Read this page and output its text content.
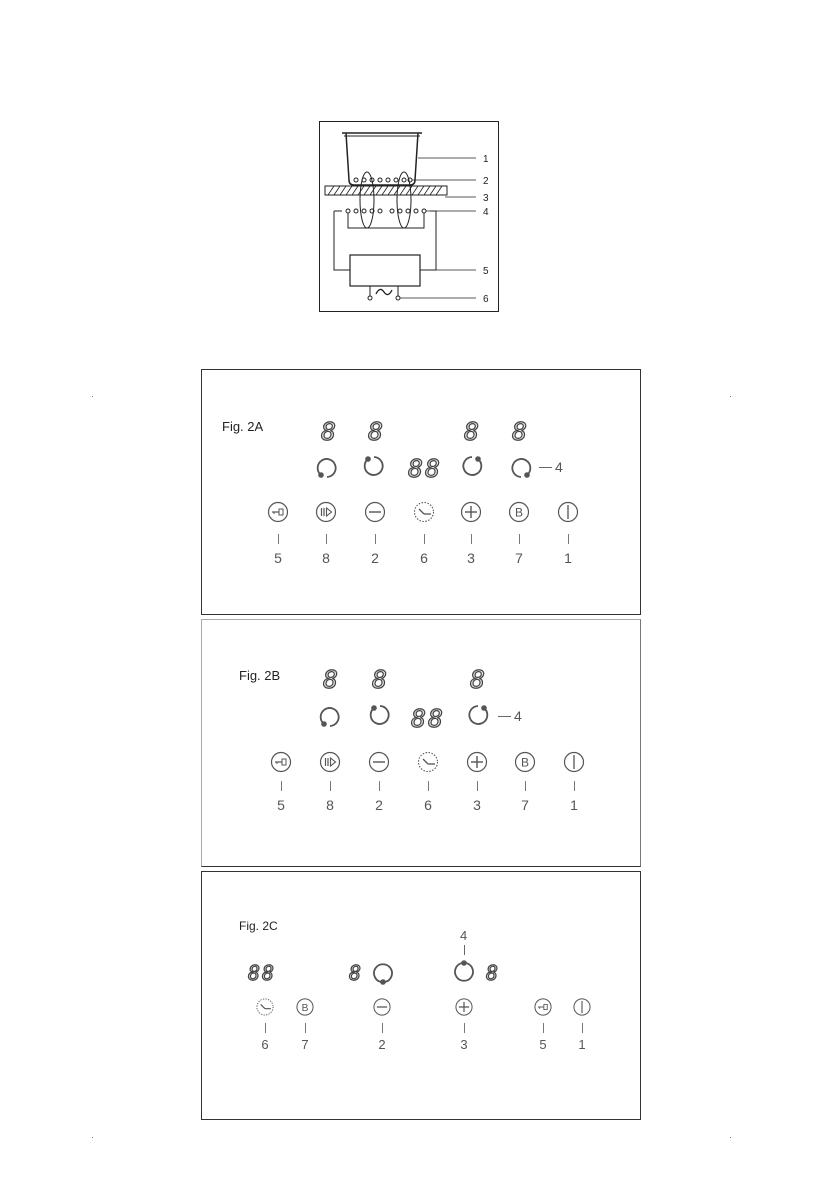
1
2
3
4
5
6
Fig. 2A 8 8	8 8
88	4
5	8	2	6	3	7	1
Fig. 2B 8 8	8
88	4
5	8	2	6	3	7	1
Fig. 2C
88	8
4
8
6	7	2	3	5	1
